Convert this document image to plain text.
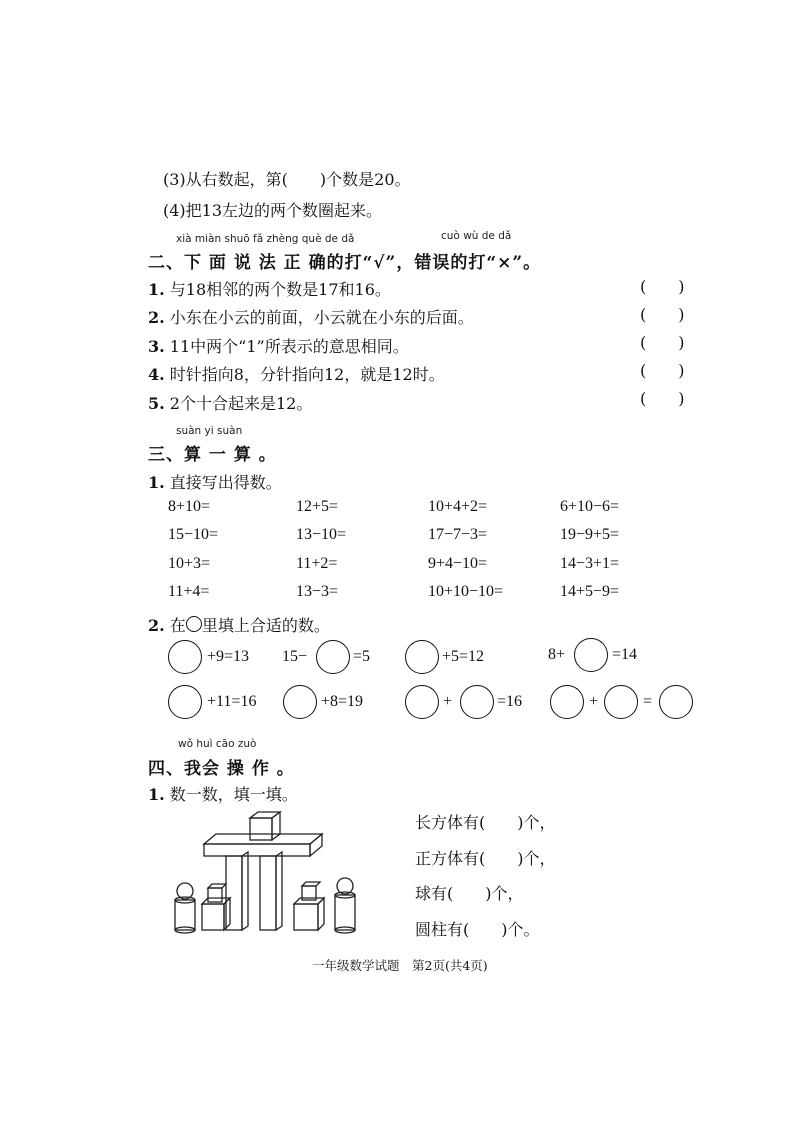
(3)从右数起，第(　　)个数是20。
(4)把13左边的两个数圈起来。
xià miàn shuō fǎ zhèng què de dǎ	cuò wù de dǎ
二、下 面 说 法 正 确的打“√”，错误的打“×”。
1. 与18相邻的两个数是17和16。	(　　)
2. 小东在小云的前面，小云就在小东的后面。	(　　)
3. 11中两个“1”所表示的意思相同。	(　　)
4. 时针指向8，分针指向12，就是12时。	(　　)
5. 2个十合起来是12。	(　　)
suàn yi suàn
三、算 一 算 。
1. 直接写出得数。
8+10=	12+5=	10+4+2=	6+10−6=
15−10=	13−10=	17−7−3=	19−9+5=
10+3=	11+2=	9+4−10=	14−3+1=
11+4=	13−3=	10+10−10=	14+5−9=
2. 在 里填上合适的数。
+9=13 15−	=5	+5=12	8+	=14
+11=16	+8=19	+	=16	+	=
wǒ huì cāo zuò
四、我会 操 作 。
1. 数一数，填一填。
长方体有(　　)个，
正方体有(　　)个，
球有(　　)个，
圆柱有(　　)个。
一年级数学试题　第2页(共4页)
